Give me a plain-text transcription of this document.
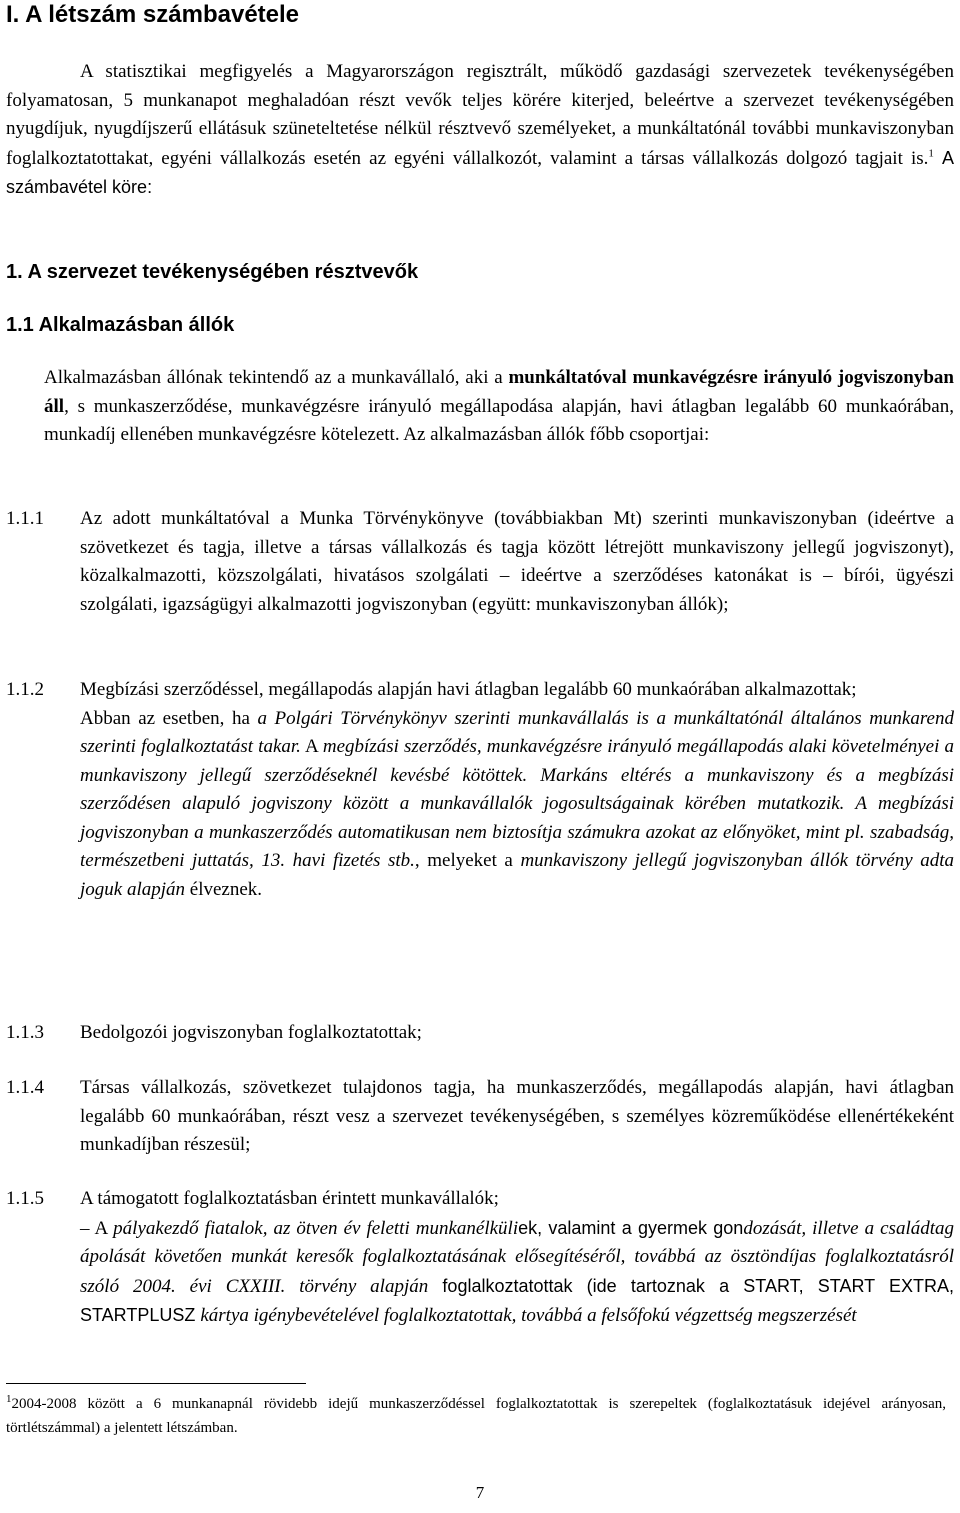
I. A létszám számbavétele

A statisztikai megfigyelés a Magyarországon regisztrált, működő gazdasági szervezetek tevékenységében folyamatosan, 5 munkanapot meghaladóan részt vevők teljes körére kiterjed, beleértve a szervezet tevékenységében nyugdíjuk, nyugdíjszerű ellátásuk szüneteltetése nélkül résztvevő személyeket, a munkáltatónál további munkaviszonyban foglalkoztatottakat, egyéni vállalkozás esetén az egyéni vállalkozót, valamint a társas vállalkozás dolgozó tagjait is.$^1$ A számbavétel köre:

1. A szervezet tevékenységében résztvevők
1.1 Alkalmazásban állók

Alkalmazásban állónak tekintendő az a munkavállaló, aki a munkáltatóval munkavégzésre irányuló jogviszonyban áll, s munkaszerződése, munkavégzésre irányuló megállapodása alapján, havi átlagban legalább 60 munkaórában, munkadíj ellenében munkavégzésre kötelezett. Az alkalmazásban állók főbb csoportjai:

1.1.1	Az adott munkáltatóval a Munka Törvénykönyve (továbbiakban Mt) szerinti munkaviszonyban (ideértve a szövetkezet és tagja, illetve a társas vállalkozás és tagja között létrejött munkaviszony jellegű jogviszonyt), közalkalmazotti, közszolgálati, hivatásos szolgálati – ideértve a szerződéses katonákat is – bírói, ügyészi szolgálati, igazságügyi alkalmazotti jogviszonyban (együtt: munkaviszonyban állók);
1.1.2	Megbízási szerződéssel, megállapodás alapján havi átlagban legalább 60 munkaórában alkalmazottak;
Abban az esetben, ha a Polgári Törvénykönyv szerinti munkavállalás is a munkáltatónál általános munkarend szerinti foglalkoztatást takar. A megbízási szerződés, munkavégzésre irányuló megállapodás alaki követelményei a munkaviszony jellegű szerződéseknél kevésbé kötöttek. Markáns eltérés a munkaviszony és a megbízási szerződésen alapuló jogviszony között a munkavállalók jogosultságainak körében mutatkozik. A megbízási jogviszonyban a munkaszerződés automatikusan nem biztosítja számukra azokat az előnyöket, mint pl. szabadság, természetbeni juttatás, 13. havi fizetés stb., melyeket a munkaviszony jellegű jogviszonyban állók törvény adta joguk alapján élveznek.
1.1.3	Bedolgozói jogviszonyban foglalkoztatottak;
1.1.4	Társas vállalkozás, szövetkezet tulajdonos tagja, ha munkaszerződés, megállapodás alapján, havi átlagban legalább 60 munkaórában, részt vesz a szervezet tevékenységében, s személyes közreműködése ellenértékeként munkadíjban részesül;
1.1.5	A támogatott foglalkoztatásban érintett munkavállalók;
– A pályakezdő fiatalok, az ötven év feletti munkanélküliek, valamint a gyermek gondozását, illetve a családtag ápolását követően munkát keresők foglalkoztatásának elősegítéséről, továbbá az ösztöndíjas foglalkoztatásról szóló 2004. évi CXXIII. törvény alapján foglalkoztatottak (ide tartoznak a START, START EXTRA, STARTPLUSZ kártya igénybevételével foglalkoztatottak, továbbá a felsőfokú végzettség megszerzését

$^1$2004-2008 között a 6 munkanapnál rövidebb idejű munkaszerződéssel foglalkoztatottak is szerepeltek (foglalkoztatásuk idejével arányosan, törtlétszámmal) a jelentett létszámban.

7
